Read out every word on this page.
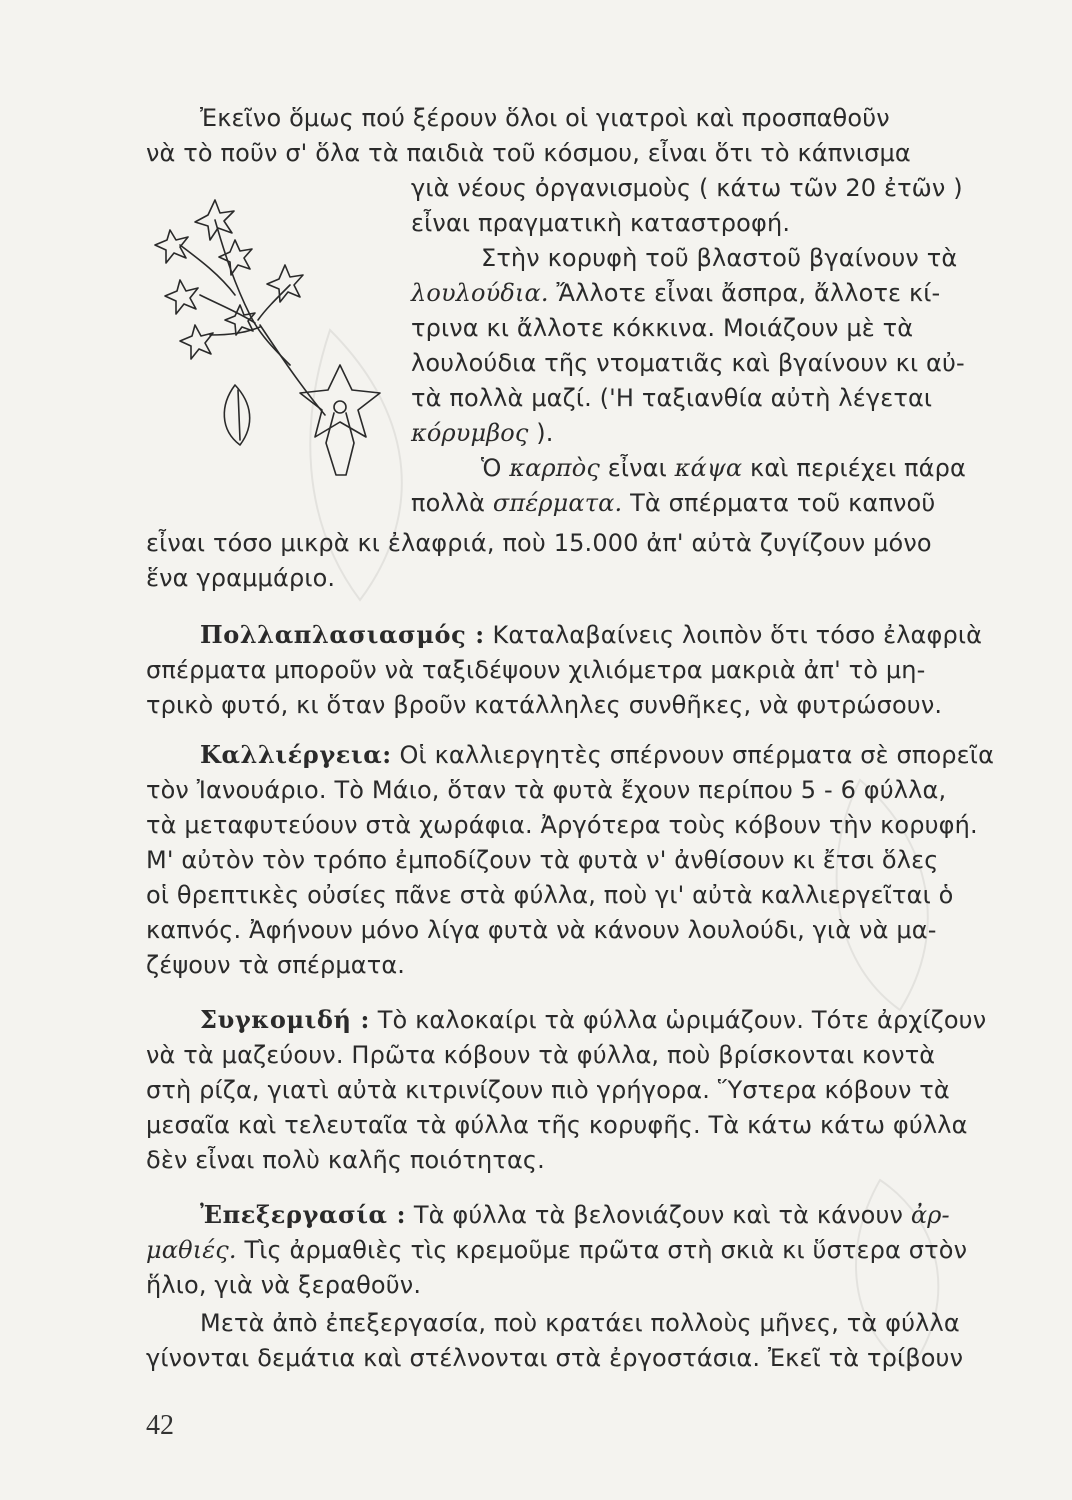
Ἐκεῖνο ὅμως πού ξέρουν ὅλοι οἱ γιατροὶ καὶ προσπαθοῦν
νὰ τὸ ποῦν σ' ὅλα τὰ παιδιὰ τοῦ κόσμου, εἶναι ὅτι τὸ κάπνισμα
γιὰ νέους ὀργανισμοὺς ( κάτω τῶν 20 ἐτῶν )
εἶναι πραγματικὴ καταστροφή.
Στὴν κορυφὴ τοῦ βλαστοῦ βγαίνουν τὰ
λουλούδια. Ἄλλοτε εἶναι ἄσπρα, ἄλλοτε κί-
τρινα κι ἄλλοτε κόκκινα. Μοιάζουν μὲ τὰ
λουλούδια τῆς ντοματιᾶς καὶ βγαίνουν κι αὐ-
τὰ πολλὰ μαζί. ('Η ταξιανθία αὐτὴ λέγεται
κόρυμβος ).
Ὁ καρπὸς εἶναι κάψα καὶ περιέχει πάρα
πολλὰ σπέρματα. Τὰ σπέρματα τοῦ καπνοῦ
εἶναι τόσο μικρὰ κι ἐλαφριά, ποὺ 15.000 ἀπ' αὐτὰ ζυγίζουν μόνο
ἕνα γραμμάριο.
Πολλαπλασιασμός : Καταλαβαίνεις λοιπὸν ὅτι τόσο ἐλαφριὰ
σπέρματα μποροῦν νὰ ταξιδέψουν χιλιόμετρα μακριὰ ἀπ' τὸ μη-
τρικὸ φυτό, κι ὅταν βροῦν κατάλληλες συνθῆκες, νὰ φυτρώσουν.
Καλλιέργεια: Οἱ καλλιεργητὲς σπέρνουν σπέρματα σὲ σπορεῖα
τὸν Ἰανουάριο. Τὸ Μάιο, ὅταν τὰ φυτὰ ἔχουν περίπου 5 - 6 φύλλα,
τὰ μεταφυτεύουν στὰ χωράφια. Ἀργότερα τοὺς κόβουν τὴν κορυφή.
Μ' αὐτὸν τὸν τρόπο ἐμποδίζουν τὰ φυτὰ ν' ἀνθίσουν κι ἔτσι ὅλες
οἱ θρεπτικὲς οὐσίες πᾶνε στὰ φύλλα, ποὺ γι' αὐτὰ καλλιεργεῖται ὁ
καπνός. Ἀφήνουν μόνο λίγα φυτὰ νὰ κάνουν λουλούδι, γιὰ νὰ μα-
ζέψουν τὰ σπέρματα.
Συγκομιδή : Τὸ καλοκαίρι τὰ φύλλα ὡριμάζουν. Τότε ἀρχίζουν
νὰ τὰ μαζεύουν. Πρῶτα κόβουν τὰ φύλλα, ποὺ βρίσκονται κοντὰ
στὴ ρίζα, γιατὶ αὐτὰ κιτρινίζουν πιὸ γρήγορα. Ὕστερα κόβουν τὰ
μεσαῖα καὶ τελευταῖα τὰ φύλλα τῆς κορυφῆς. Τὰ κάτω κάτω φύλλα
δὲν εἶναι πολὺ καλῆς ποιότητας.
Ἐπεξεργασία : Τὰ φύλλα τὰ βελονιάζουν καὶ τὰ κάνουν ἀρ-
μαθιές. Τὶς ἀρμαθιὲς τὶς κρεμοῦμε πρῶτα στὴ σκιὰ κι ὕστερα στὸν
ἥλιο, γιὰ νὰ ξεραθοῦν.
Μετὰ ἀπὸ ἐπεξεργασία, ποὺ κρατάει πολλοὺς μῆνες, τὰ φύλλα
γίνονται δεμάτια καὶ στέλνονται στὰ ἐργοστάσια. Ἐκεῖ τὰ τρίβουν
42
